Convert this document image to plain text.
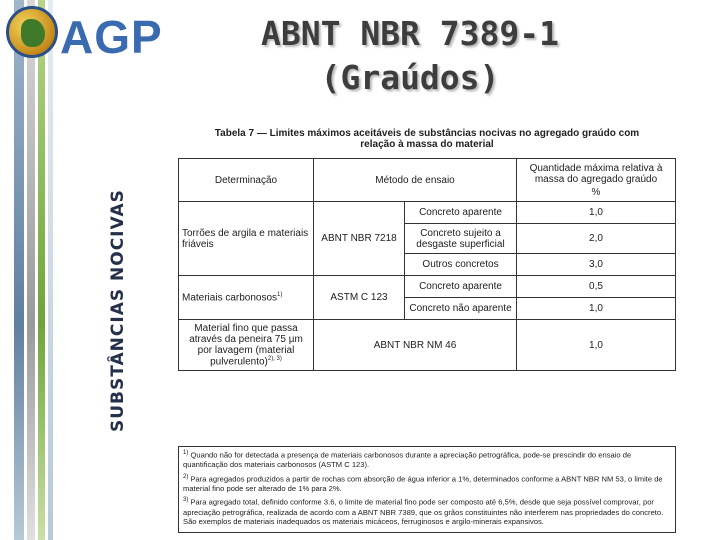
AGP	ABNT NBR 7389-1
(Graúdos)
SUBSTÂNCIAS NOCIVAS
Tabela 7 — Limites máximos aceitáveis de substâncias nocivas no agregado graúdo com
relação à massa do material
Determinação	Método de ensaio		Quantidade máxima relativa à massa do agregado graúdo
%

Torrões de argila e materiais friáveis	ABNT NBR 7218	Concreto aparente	1,0
		Concreto sujeito a desgaste superficial	2,0
		Outros concretos	3,0
Materiais carbonosos$^{1)}$	ASTM C 123	Concreto aparente	0,5
		Concreto não aparente	1,0
Material fino que passa através da peneira 75 µm por lavagem (material pulverulento)$^{2), 3)}$	ABNT NBR NM 46		1,0
$^{1)}$ Quando não for detectada a presença de materiais carbonosos durante a apreciação petrográfica, pode-se prescindir do ensaio de quantificação dos materiais carbonosos (ASTM C 123).
$^{2)}$ Para agregados produzidos a partir de rochas com absorção de água inferior a 1%, determinados conforme a ABNT NBR NM 53, o limite de material fino pode ser alterado de 1% para 2%.
$^{3)}$ Para agregado total, definido conforme 3.6, o limite de material fino pode ser composto até 6,5%, desde que seja possível comprovar, por apreciação petrográfica, realizada de acordo com a ABNT NBR 7389, que os grãos constituintes não interferem nas propriedades do concreto. São exemplos de materiais inadequados os materiais micáceos, ferruginosos e argilo-minerais expansivos.
